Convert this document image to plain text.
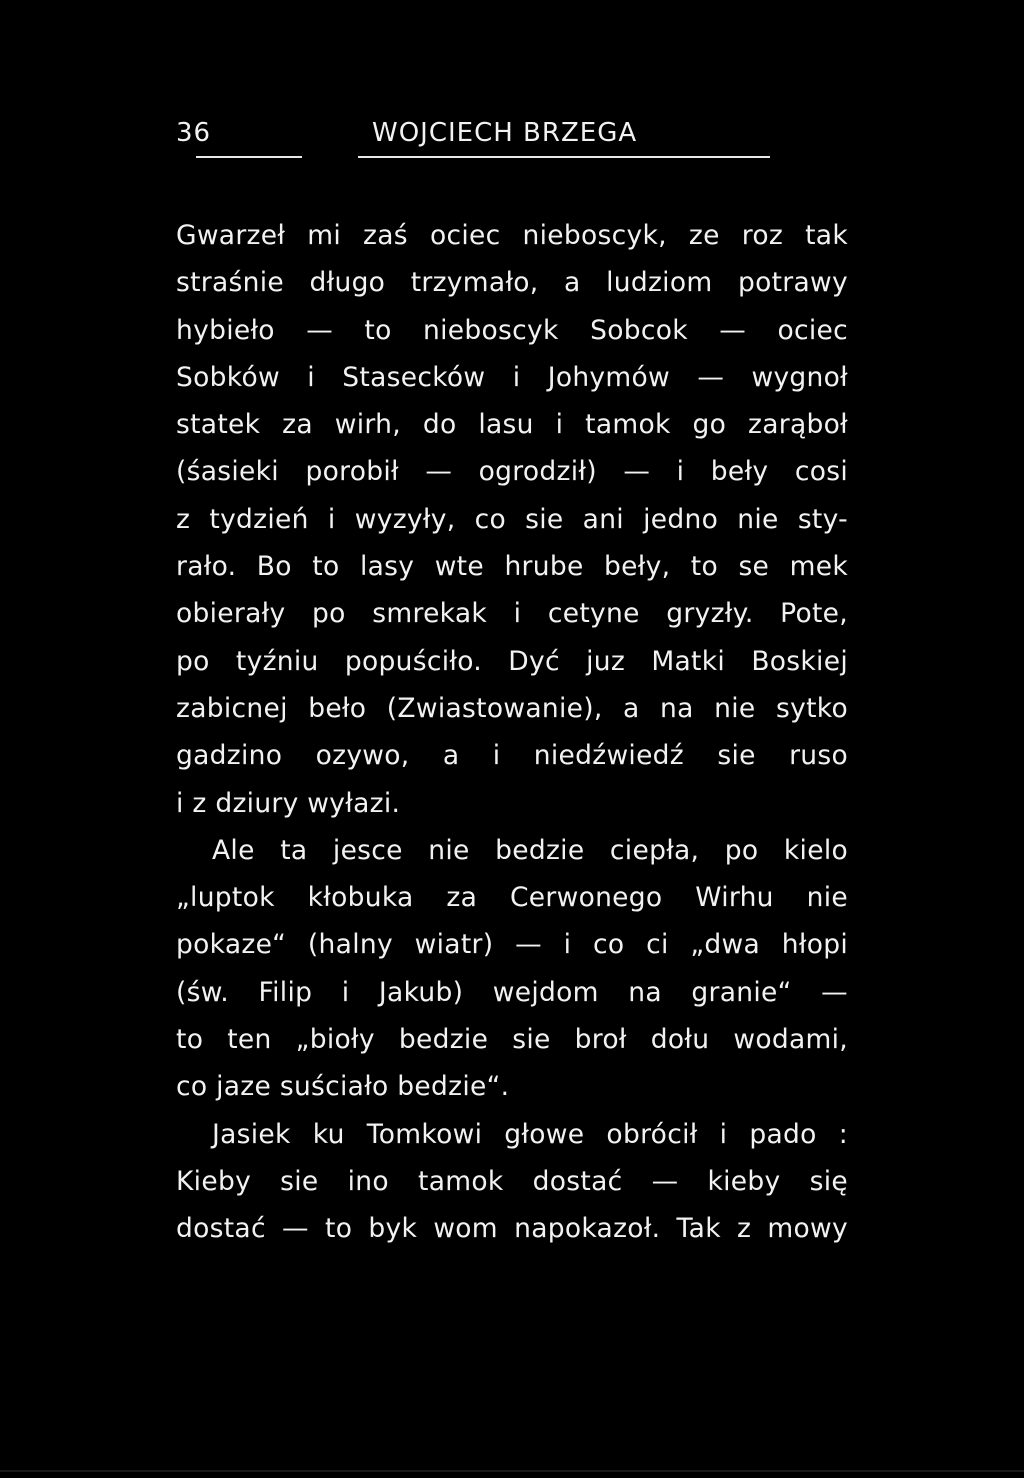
36	WOJCIECH BRZEGA
Gwarzeł mi zaś ociec nieboscyk, ze roz tak
straśnie długo trzymało, a ludziom potrawy
hybieło — to nieboscyk Sobcok — ociec
Sobków i Stasecków i Johymów — wygnoł
statek za wirh, do lasu i tamok go zarąboł
(śasieki porobił — ogrodził) — i beły cosi
z tydzień i wyzyły, co sie ani jedno nie sty-
rało. Bo to lasy wte hrube beły, to se mek
obierały po smrekak i cetyne gryzły. Pote,
po tyźniu popuściło. Dyć juz Matki Boskiej
zabicnej beło (Zwiastowanie), a na nie sytko
gadzino ozywo, a i niedźwiedź sie ruso
i z dziury wyłazi.
Ale ta jesce nie bedzie ciepła, po kielo
„luptok kłobuka za Cerwonego Wirhu nie
pokaze“ (halny wiatr) — i co ci „dwa hłopi
(św. Filip i Jakub) wejdom na granie“ —
to ten „bioły bedzie sie broł dołu wodami,
co jaze suściało bedzie“.
Jasiek ku Tomkowi głowe obrócił i pado :
Kieby sie ino tamok dostać — kieby się
dostać — to byk wom napokazoł. Tak z mowy
